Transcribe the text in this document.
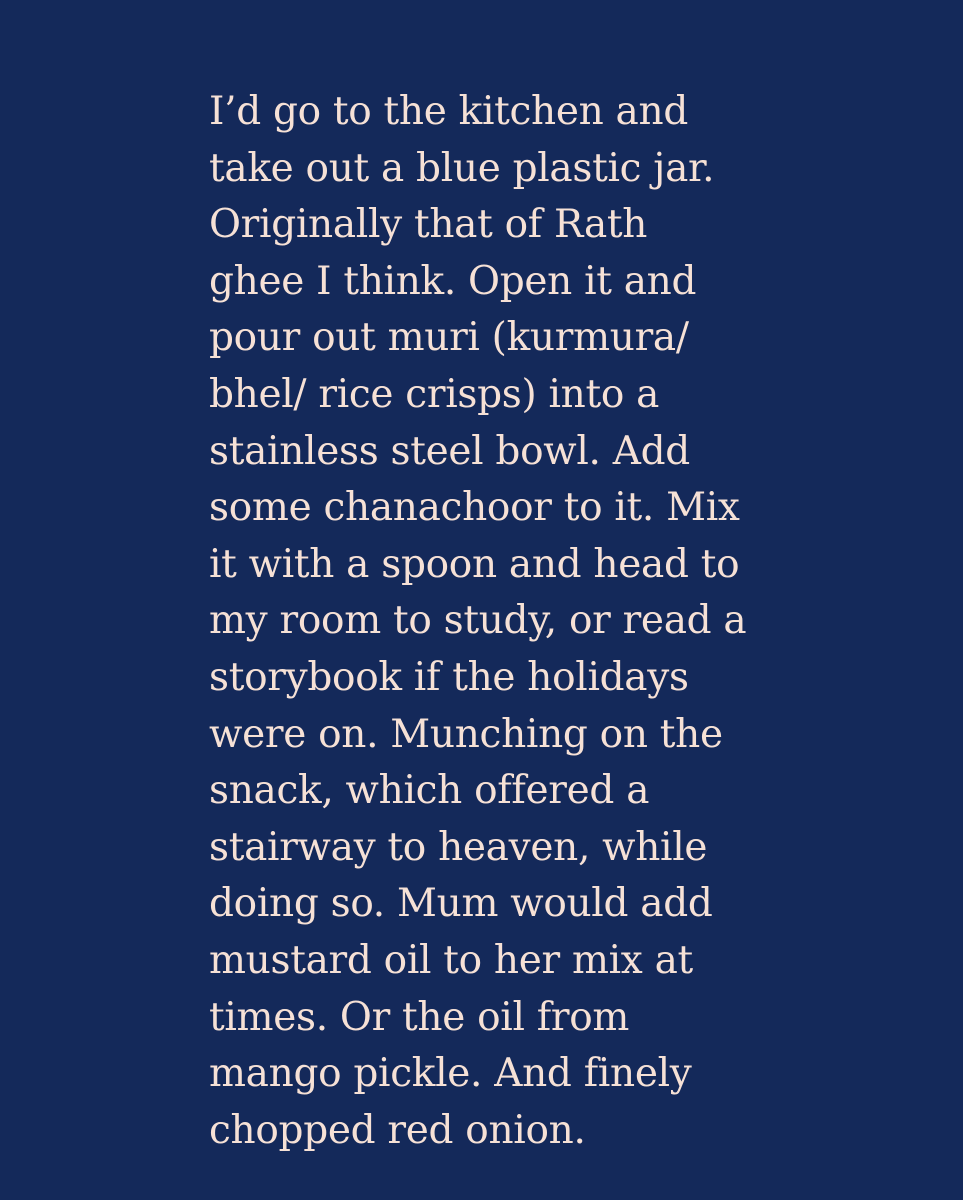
I’d go to the kitchen and
take out a blue plastic jar.
Originally that of Rath
ghee I think. Open it and
pour out muri (kurmura/
bhel/ rice crisps) into a
stainless steel bowl. Add
some chanachoor to it. Mix
it with a spoon and head to
my room to study, or read a
storybook if the holidays
were on. Munching on the
snack, which offered a
stairway to heaven, while
doing so. Mum would add
mustard oil to her mix at
times. Or the oil from
mango pickle. And finely
chopped red onion.
